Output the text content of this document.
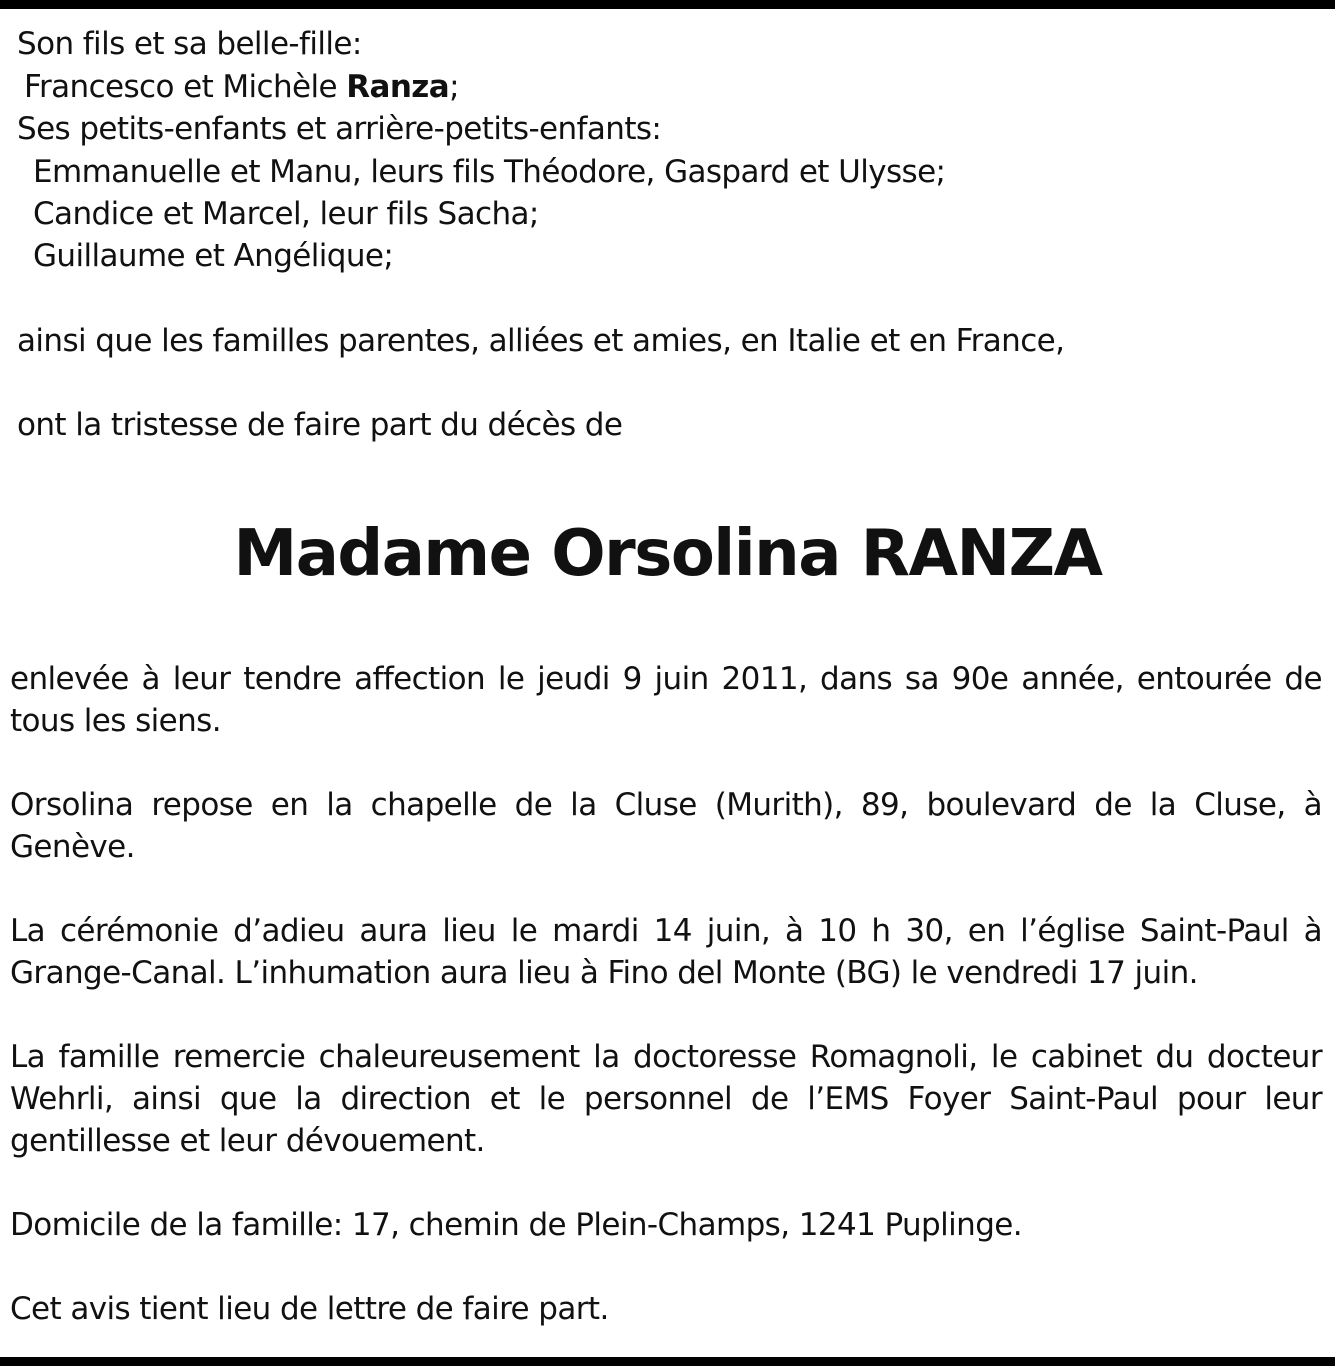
Son fils et sa belle-fille:
Francesco et Michèle Ranza;
Ses petits-enfants et arrière-petits-enfants:
Emmanuelle et Manu, leurs fils Théodore, Gaspard et Ulysse;
Candice et Marcel, leur fils Sacha;
Guillaume et Angélique;
ainsi que les familles parentes, alliées et amies, en Italie et en France,
ont la tristesse de faire part du décès de
Madame Orsolina RANZA
enlevée à leur tendre affection le jeudi 9 juin 2011, dans sa 90e année, entourée de tous les siens.
Orsolina repose en la chapelle de la Cluse (Murith), 89, boulevard de la Cluse, à Genève.
La cérémonie d’adieu aura lieu le mardi 14 juin, à 10 h 30, en l’église Saint-Paul à Grange-Canal. L’inhumation aura lieu à Fino del Monte (BG) le vendredi 17 juin.
La famille remercie chaleureusement la doctoresse Romagnoli, le cabinet du docteur Wehrli, ainsi que la direction et le personnel de l’EMS Foyer Saint-Paul pour leur gentillesse et leur dévouement.
Domicile de la famille: 17, chemin de Plein-Champs, 1241 Puplinge.
Cet avis tient lieu de lettre de faire part.
